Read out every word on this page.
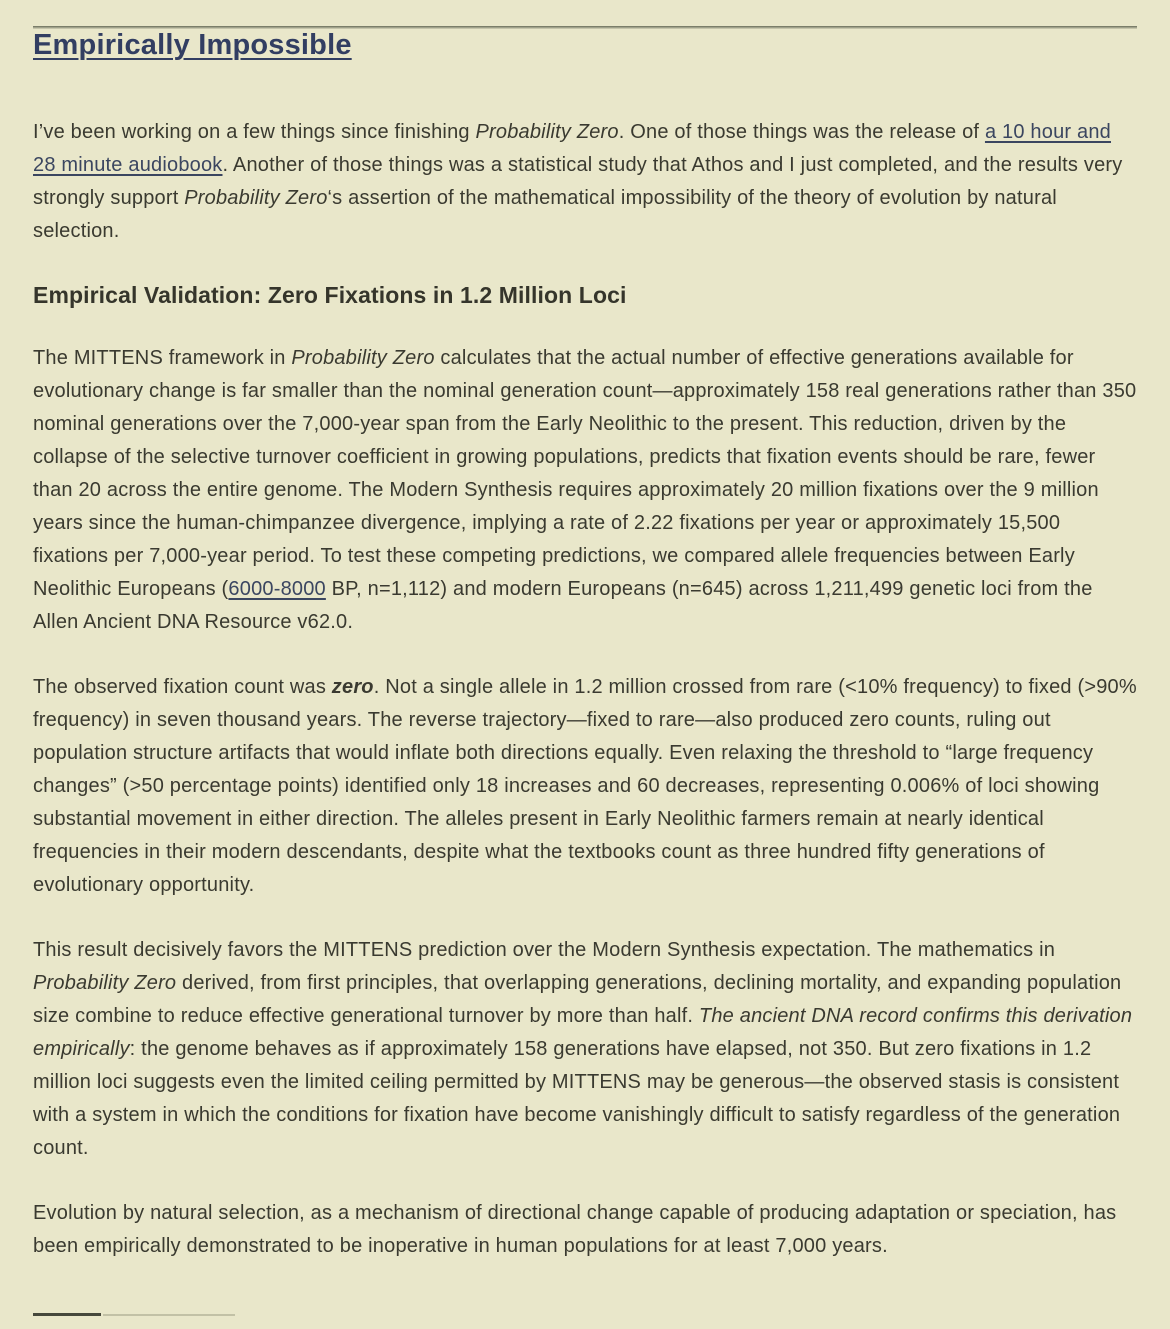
Empirically Impossible

I’ve been working on a few things since finishing Probability Zero. One of those things was the release of a 10 hour and 28 minute audiobook. Another of those things was a statistical study that Athos and I just completed, and the results very strongly support Probability Zero‘s assertion of the mathematical impossibility of the theory of evolution by natural selection.

Empirical Validation: Zero Fixations in 1.2 Million Loci

The MITTENS framework in Probability Zero calculates that the actual number of effective generations available for evolutionary change is far smaller than the nominal generation count—approximately 158 real generations rather than 350 nominal generations over the 7,000-year span from the Early Neolithic to the present. This reduction, driven by the collapse of the selective turnover coefficient in growing populations, predicts that fixation events should be rare, fewer than 20 across the entire genome. The Modern Synthesis requires approximately 20 million fixations over the 9 million years since the human-chimpanzee divergence, implying a rate of 2.22 fixations per year or approximately 15,500 fixations per 7,000-year period. To test these competing predictions, we compared allele frequencies between Early Neolithic Europeans (6000-8000 BP, n=1,112) and modern Europeans (n=645) across 1,211,499 genetic loci from the Allen Ancient DNA Resource v62.0.

The observed fixation count was zero. Not a single allele in 1.2 million crossed from rare (<10% frequency) to fixed (>90% frequency) in seven thousand years. The reverse trajectory—fixed to rare—also produced zero counts, ruling out population structure artifacts that would inflate both directions equally. Even relaxing the threshold to “large frequency changes” (>50 percentage points) identified only 18 increases and 60 decreases, representing 0.006% of loci showing substantial movement in either direction. The alleles present in Early Neolithic farmers remain at nearly identical frequencies in their modern descendants, despite what the textbooks count as three hundred fifty generations of evolutionary opportunity.

This result decisively favors the MITTENS prediction over the Modern Synthesis expectation. The mathematics in Probability Zero derived, from first principles, that overlapping generations, declining mortality, and expanding population size combine to reduce effective generational turnover by more than half. The ancient DNA record confirms this derivation empirically: the genome behaves as if approximately 158 generations have elapsed, not 350. But zero fixations in 1.2 million loci suggests even the limited ceiling permitted by MITTENS may be generous—the observed stasis is consistent with a system in which the conditions for fixation have become vanishingly difficult to satisfy regardless of the generation count.

Evolution by natural selection, as a mechanism of directional change capable of producing adaptation or speciation, has been empirically demonstrated to be inoperative in human populations for at least 7,000 years.
